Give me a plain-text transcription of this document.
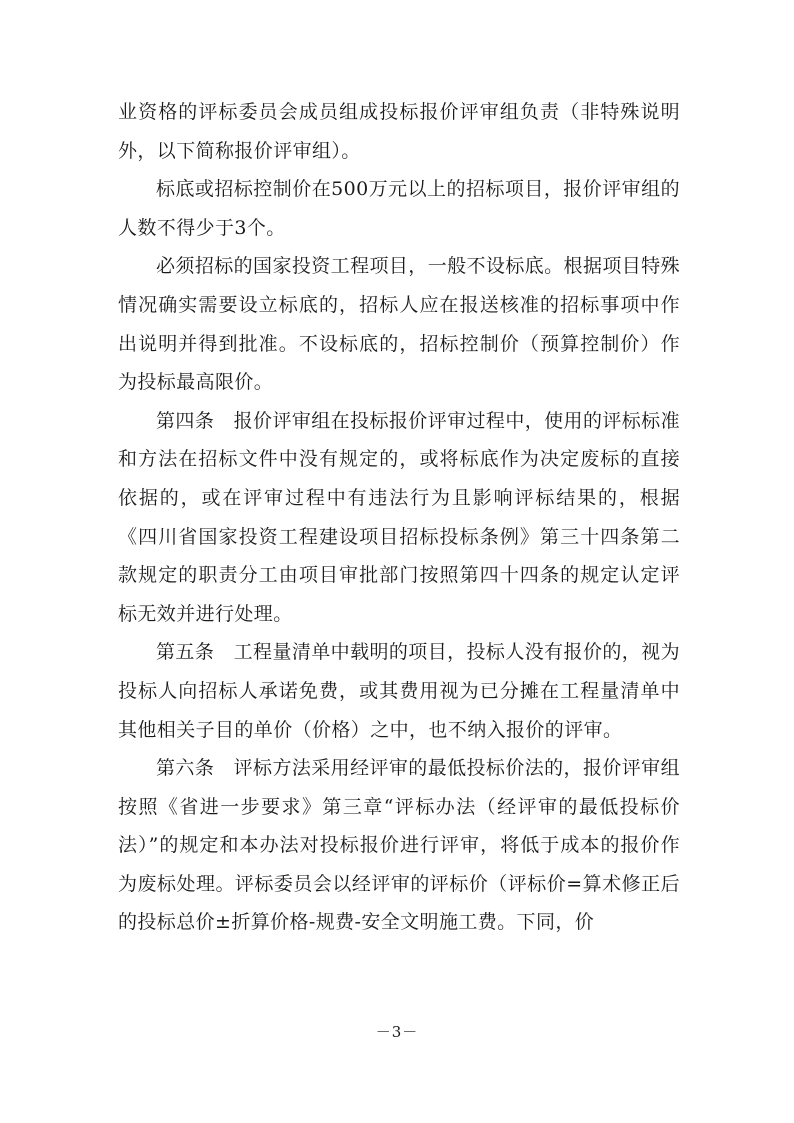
业资格的评标委员会成员组成投标报价评审组负责（非特殊说明外，以下简称报价评审组）。

标底或招标控制价在500万元以上的招标项目，报价评审组的人数不得少于3个。

必须招标的国家投资工程项目，一般不设标底。根据项目特殊情况确实需要设立标底的，招标人应在报送核准的招标事项中作出说明并得到批准。不设标底的，招标控制价（预算控制价）作为投标最高限价。

第四条　报价评审组在投标报价评审过程中，使用的评标标准和方法在招标文件中没有规定的，或将标底作为决定废标的直接依据的，或在评审过程中有违法行为且影响评标结果的，根据《四川省国家投资工程建设项目招标投标条例》第三十四条第二款规定的职责分工由项目审批部门按照第四十四条的规定认定评标无效并进行处理。

第五条　工程量清单中载明的项目，投标人没有报价的，视为投标人向招标人承诺免费，或其费用视为已分摊在工程量清单中其他相关子目的单价（价格）之中，也不纳入报价的评审。

第六条　评标方法采用经评审的最低投标价法的，报价评审组按照《省进一步要求》第三章“评标办法（经评审的最低投标价法）”的规定和本办法对投标报价进行评审，将低于成本的报价作为废标处理。评标委员会以经评审的评标价（评标价=算术修正后的投标总价±折算价格-规费-安全文明施工费。下同，价

－3－
